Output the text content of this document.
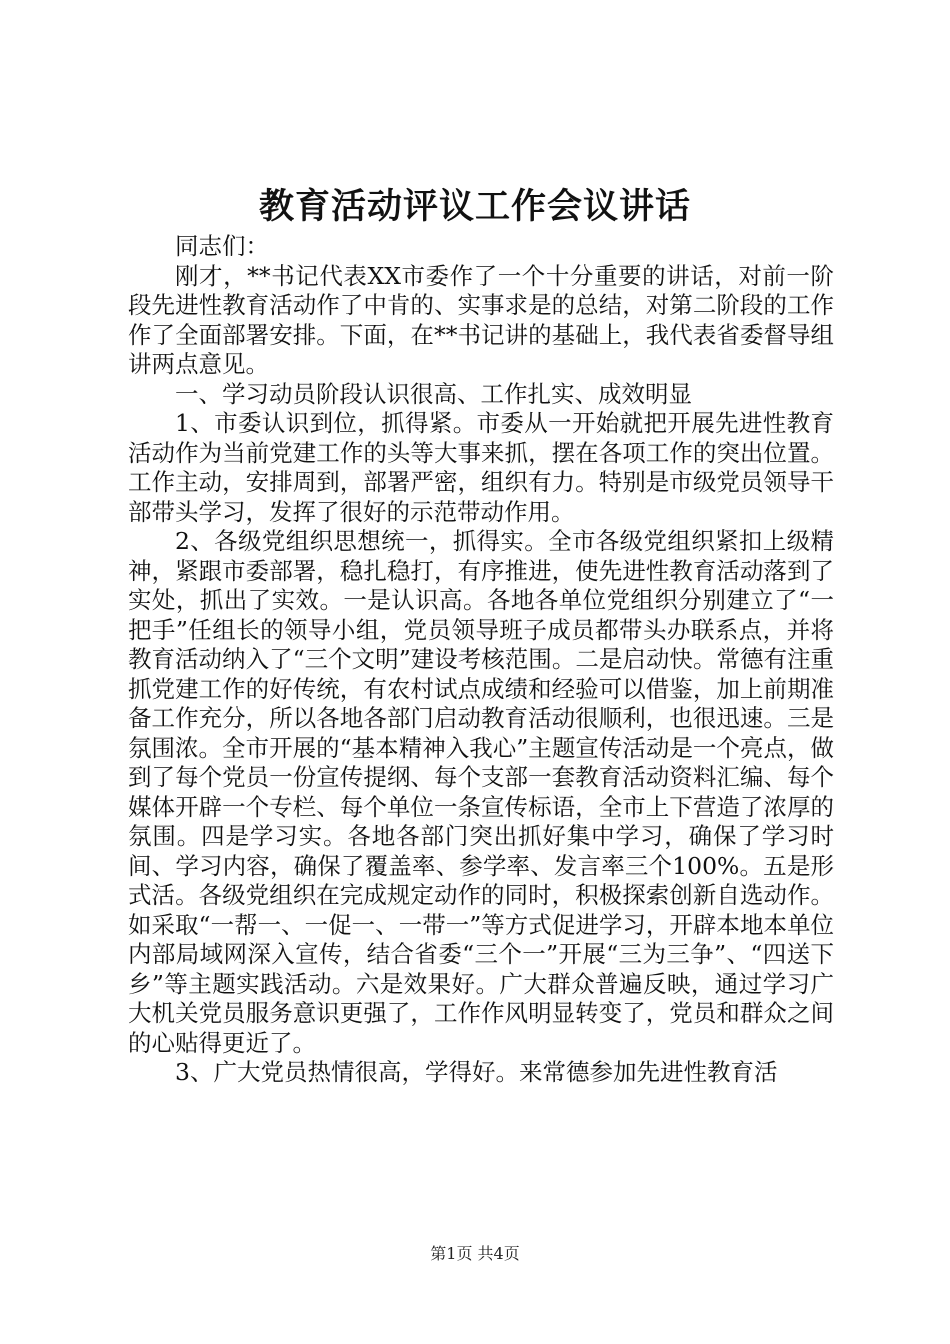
教育活动评议工作会议讲话

同志们：

刚才，**书记代表XX市委作了一个十分重要的讲话，对前一阶段先进性教育活动作了中肯的、实事求是的总结，对第二阶段的工作作了全面部署安排。下面，在**书记讲的基础上，我代表省委督导组讲两点意见。

一、学习动员阶段认识很高、工作扎实、成效明显

1、市委认识到位，抓得紧。市委从一开始就把开展先进性教育活动作为当前党建工作的头等大事来抓，摆在各项工作的突出位置。工作主动，安排周到，部署严密，组织有力。特别是市级党员领导干部带头学习，发挥了很好的示范带动作用。

2、各级党组织思想统一，抓得实。全市各级党组织紧扣上级精神，紧跟市委部署，稳扎稳打，有序推进，使先进性教育活动落到了实处，抓出了实效。一是认识高。各地各单位党组织分别建立了“一把手”任组长的领导小组，党员领导班子成员都带头办联系点，并将教育活动纳入了“三个文明”建设考核范围。二是启动快。常德有注重抓党建工作的好传统，有农村试点成绩和经验可以借鉴，加上前期准备工作充分，所以各地各部门启动教育活动很顺利，也很迅速。三是氛围浓。全市开展的“基本精神入我心”主题宣传活动是一个亮点，做到了每个党员一份宣传提纲、每个支部一套教育活动资料汇编、每个媒体开辟一个专栏、每个单位一条宣传标语，全市上下营造了浓厚的氛围。四是学习实。各地各部门突出抓好集中学习，确保了学习时间、学习内容，确保了覆盖率、参学率、发言率三个100%。五是形式活。各级党组织在完成规定动作的同时，积极探索创新自选动作。如采取“一帮一、一促一、一带一”等方式促进学习，开辟本地本单位内部局域网深入宣传，结合省委“三个一”开展“三为三争”、“四送下乡”等主题实践活动。六是效果好。广大群众普遍反映，通过学习广大机关党员服务意识更强了，工作作风明显转变了，党员和群众之间的心贴得更近了。

3、广大党员热情很高，学得好。来常德参加先进性教育活

第1页 共4页
